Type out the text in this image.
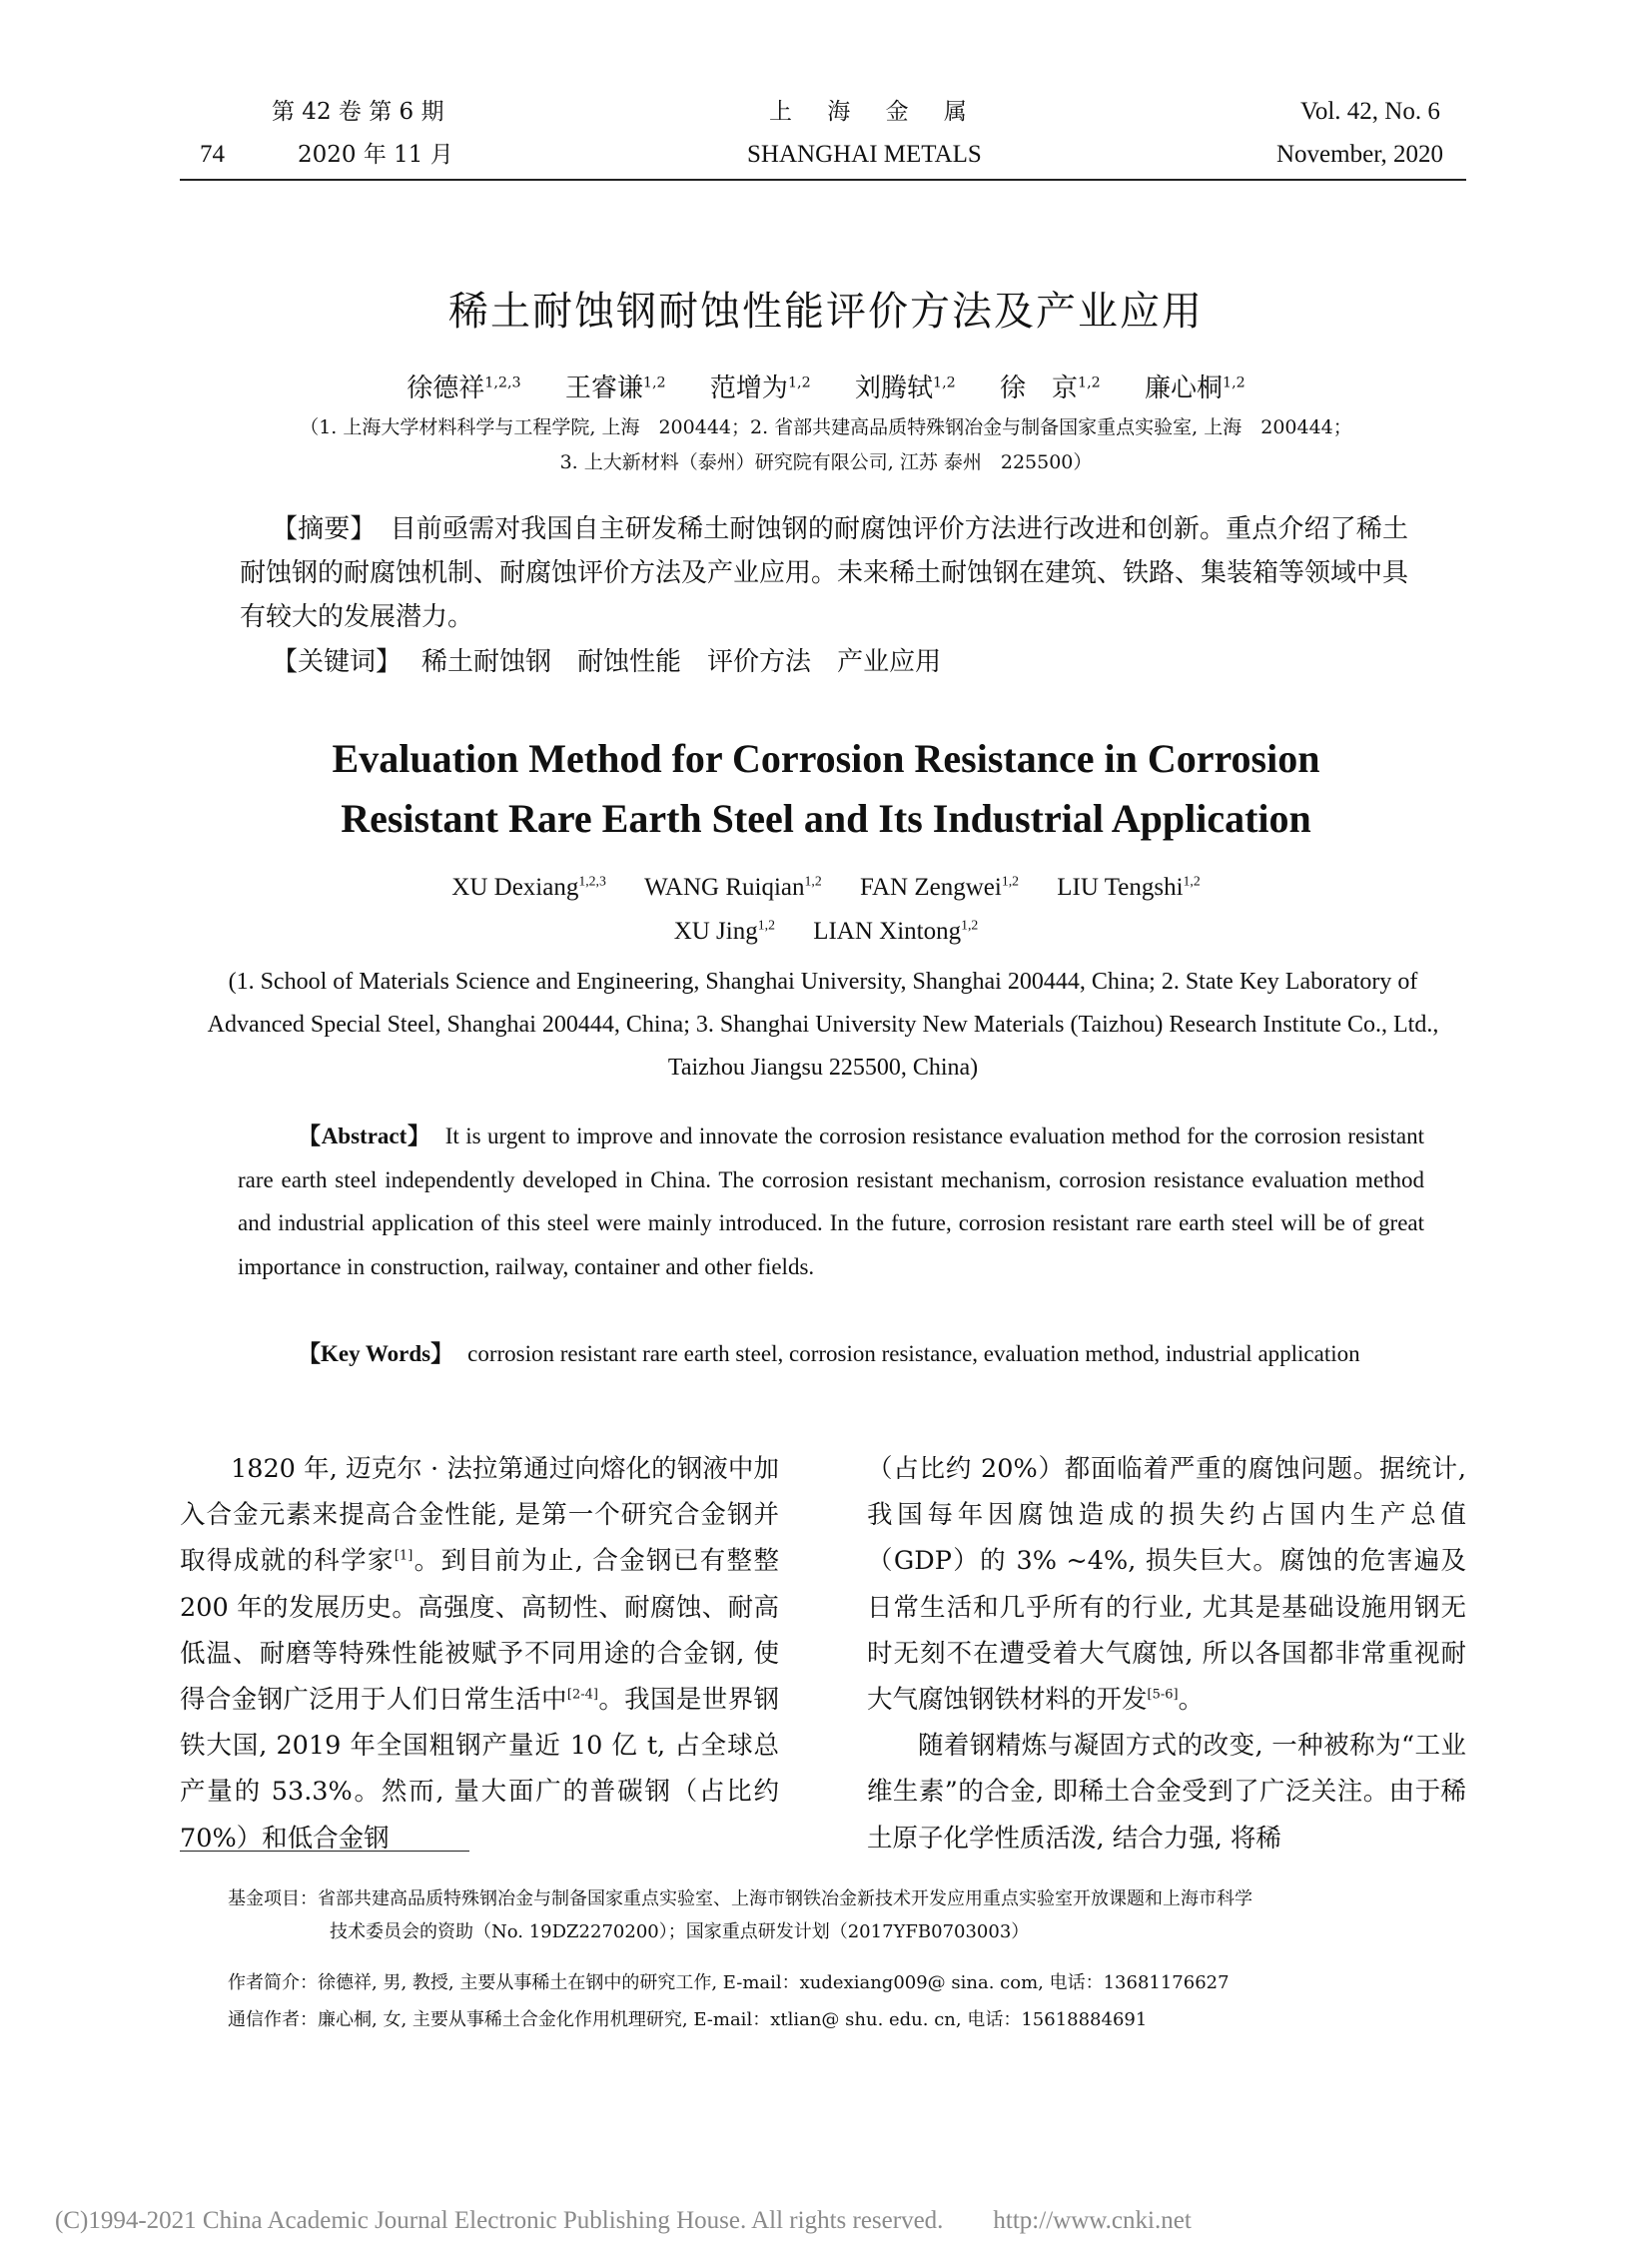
第 42 卷 第 6 期
74	2020 年 11 月
上 海 金 属
SHANGHAI METALS
Vol. 42, No. 6
November, 2020
稀土耐蚀钢耐蚀性能评价方法及产业应用
徐德祥$^{1,2,3}$ 王睿谦$^{1,2}$ 范增为$^{1,2}$ 刘腾轼$^{1,2}$ 徐　京$^{1,2}$ 廉心桐$^{1,2}$
（1. 上海大学材料科学与工程学院, 上海　200444；2. 省部共建高品质特殊钢冶金与制备国家重点实验室, 上海　200444；
3. 上大新材料（泰州）研究院有限公司, 江苏 泰州　225500）
【摘要】 目前亟需对我国自主研发稀土耐蚀钢的耐腐蚀评价方法进行改进和创新。重点介绍了稀土耐蚀钢的耐腐蚀机制、耐腐蚀评价方法及产业应用。未来稀土耐蚀钢在建筑、铁路、集装箱等领域中具有较大的发展潜力。
【关键词】 稀土耐蚀钢 耐蚀性能 评价方法 产业应用
Evaluation Method for Corrosion Resistance in Corrosion
Resistant Rare Earth Steel and Its Industrial Application
XU Dexiang$^{1,2,3}$ WANG Ruiqian$^{1,2}$ FAN Zengwei$^{1,2}$ LIU Tengshi$^{1,2}$
XU Jing$^{1,2}$ LIAN Xintong$^{1,2}$
(1. School of Materials Science and Engineering, Shanghai University, Shanghai 200444, China; 2. State Key Laboratory of Advanced Special Steel, Shanghai 200444, China; 3. Shanghai University New Materials (Taizhou) Research Institute Co., Ltd., Taizhou Jiangsu 225500, China)
【Abstract】 It is urgent to improve and innovate the corrosion resistance evaluation method for the corrosion resistant rare earth steel independently developed in China. The corrosion resistant mechanism, corrosion resistance evaluation method and industrial application of this steel were mainly introduced. In the future, corrosion resistant rare earth steel will be of great importance in construction, railway, container and other fields.
【Key Words】 corrosion resistant rare earth steel, corrosion resistance, evaluation method, industrial application

1820 年, 迈克尔 · 法拉第通过向熔化的钢液中加入合金元素来提高合金性能, 是第一个研究合金钢并取得成就的科学家[1]。到目前为止, 合金钢已有整整 200 年的发展历史。高强度、高韧性、耐腐蚀、耐高低温、耐磨等特殊性能被赋予不同用途的合金钢, 使得合金钢广泛用于人们日常生活中[2-4]。我国是世界钢铁大国, 2019 年全国粗钢产量近 10 亿 t, 占全球总产量的 53.3%。然而, 量大面广的普碳钢（占比约 70%）和低合金钢

（占比约 20%）都面临着严重的腐蚀问题。据统计, 我国每年因腐蚀造成的损失约占国内生产总值（GDP）的 3% ~4%, 损失巨大。腐蚀的危害遍及日常生活和几乎所有的行业, 尤其是基础设施用钢无时无刻不在遭受着大气腐蚀, 所以各国都非常重视耐大气腐蚀钢铁材料的开发[5-6]。

随着钢精炼与凝固方式的改变, 一种被称为“工业维生素”的合金, 即稀土合金受到了广泛关注。由于稀土原子化学性质活泼, 结合力强, 将稀

基金项目：省部共建高品质特殊钢冶金与制备国家重点实验室、上海市钢铁冶金新技术开发应用重点实验室开放课题和上海市科学
技术委员会的资助（No. 19DZ2270200）；国家重点研发计划（2017YFB0703003）
作者简介：徐德祥, 男, 教授, 主要从事稀土在钢中的研究工作, E-mail：xudexiang009@ sina. com, 电话：13681176627
通信作者：廉心桐, 女, 主要从事稀土合金化作用机理研究, E-mail：xtlian@ shu. edu. cn, 电话：15618884691
(C)1994-2021 China Academic Journal Electronic Publishing House. All rights reserved.　　http://www.cnki.net
